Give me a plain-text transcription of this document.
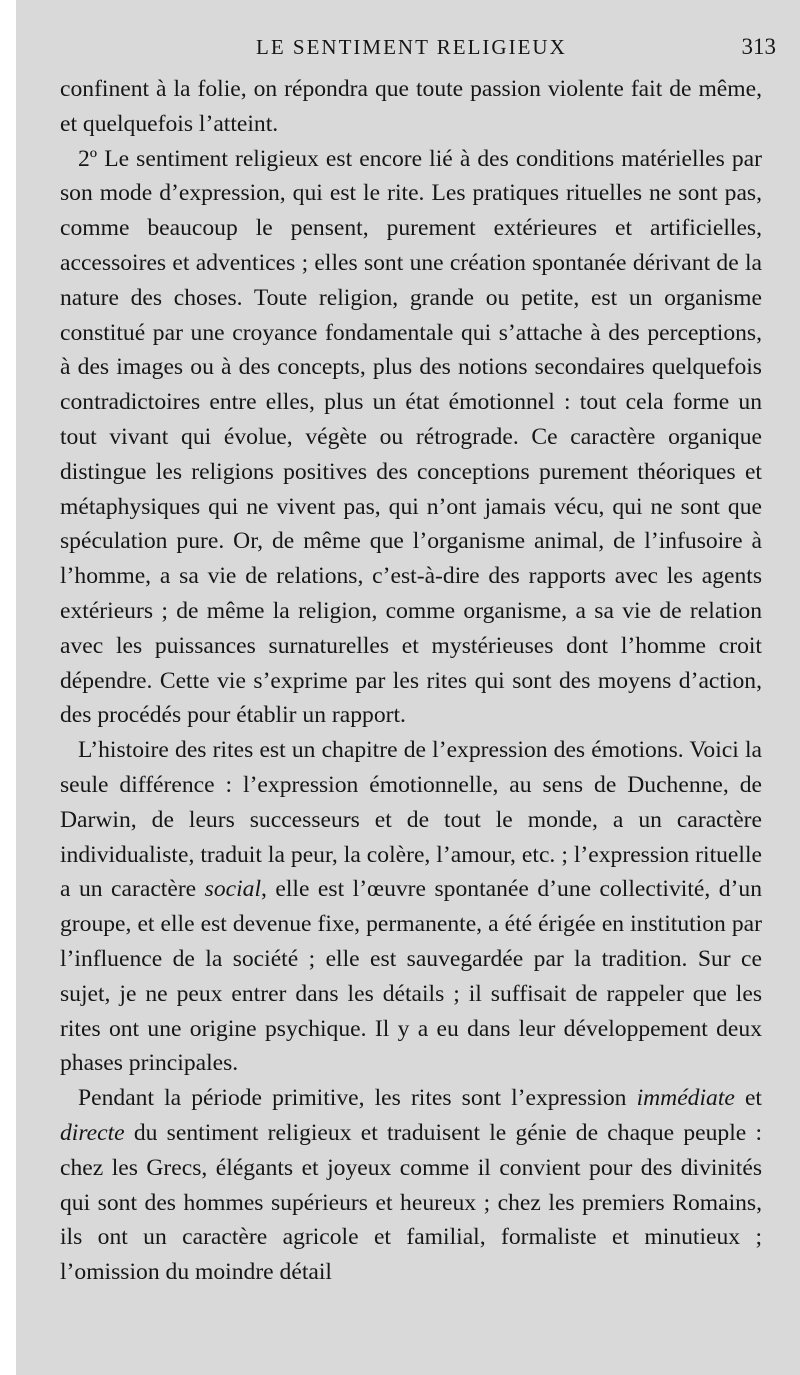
LE SENTIMENT RELIGIEUX	313

confinent à la folie, on répondra que toute passion violente fait de même, et quelquefois l’atteint.

2º Le sentiment religieux est encore lié à des conditions matérielles par son mode d’expression, qui est le rite. Les pratiques rituelles ne sont pas, comme beaucoup le pensent, purement extérieures et artificielles, accessoires et adventices ; elles sont une création spontanée dérivant de la nature des choses. Toute religion, grande ou petite, est un organisme constitué par une croyance fondamentale qui s’attache à des perceptions, à des images ou à des concepts, plus des notions secondaires quelquefois contradictoires entre elles, plus un état émotionnel : tout cela forme un tout vivant qui évolue, végète ou rétrograde. Ce caractère organique distingue les religions positives des conceptions purement théoriques et métaphysiques qui ne vivent pas, qui n’ont jamais vécu, qui ne sont que spéculation pure. Or, de même que l’organisme animal, de l’infusoire à l’homme, a sa vie de relations, c’est-à-dire des rapports avec les agents extérieurs ; de même la religion, comme organisme, a sa vie de relation avec les puissances surnaturelles et mystérieuses dont l’homme croit dépendre. Cette vie s’exprime par les rites qui sont des moyens d’action, des procédés pour établir un rapport.

L’histoire des rites est un chapitre de l’expression des émotions. Voici la seule différence : l’expression émotionnelle, au sens de Duchenne, de Darwin, de leurs successeurs et de tout le monde, a un caractère individualiste, traduit la peur, la colère, l’amour, etc. ; l’expression rituelle a un caractère social, elle est l’œuvre spontanée d’une collectivité, d’un groupe, et elle est devenue fixe, permanente, a été érigée en institution par l’influence de la société ; elle est sauvegardée par la tradition. Sur ce sujet, je ne peux entrer dans les détails ; il suffisait de rappeler que les rites ont une origine psychique. Il y a eu dans leur développement deux phases principales.

Pendant la période primitive, les rites sont l’expression immédiate et directe du sentiment religieux et traduisent le génie de chaque peuple : chez les Grecs, élégants et joyeux comme il convient pour des divinités qui sont des hommes supérieurs et heureux ; chez les premiers Romains, ils ont un caractère agricole et familial, formaliste et minutieux ; l’omission du moindre détail
